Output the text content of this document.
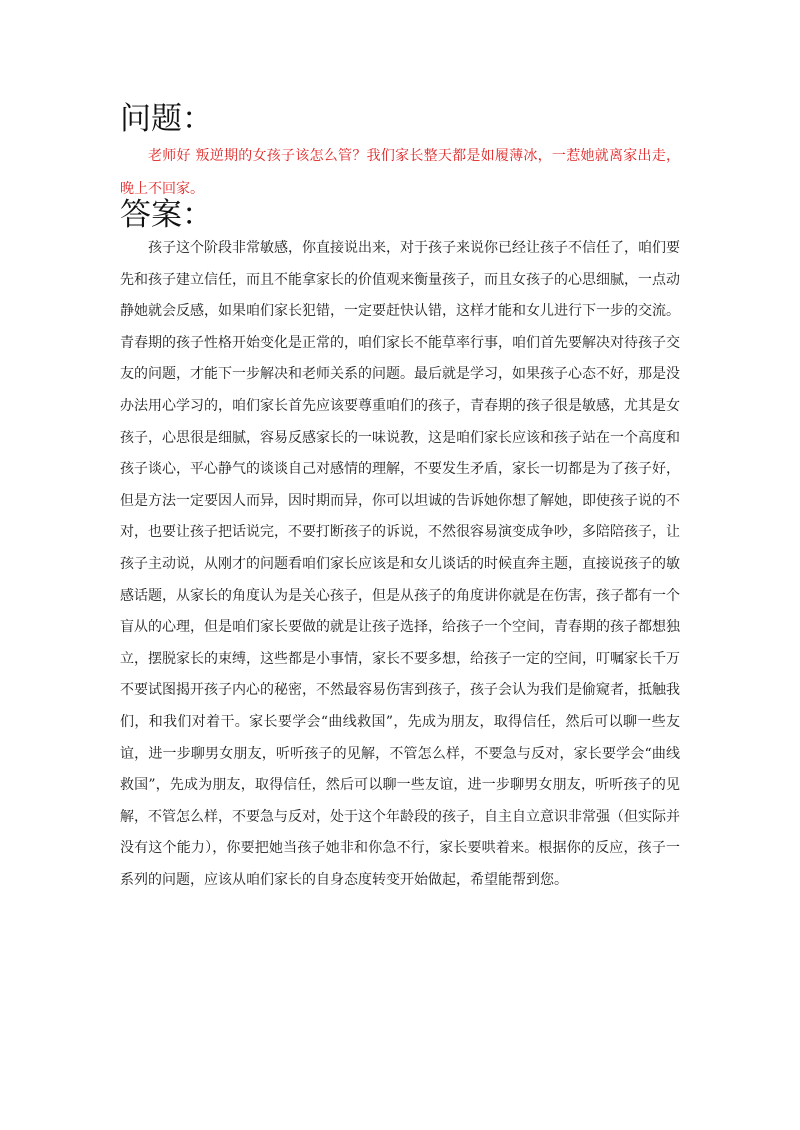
问题：

老师好 叛逆期的女孩子该怎么管？我们家长整天都是如履薄冰，一惹她就离家出走，晚上不回家。

答案：

孩子这个阶段非常敏感，你直接说出来，对于孩子来说你已经让孩子不信任了，咱们要先和孩子建立信任，而且不能拿家长的价值观来衡量孩子，而且女孩子的心思细腻，一点动静她就会反感，如果咱们家长犯错，一定要赶快认错，这样才能和女儿进行下一步的交流。青春期的孩子性格开始变化是正常的，咱们家长不能草率行事，咱们首先要解决对待孩子交友的问题，才能下一步解决和老师关系的问题。最后就是学习，如果孩子心态不好，那是没办法用心学习的，咱们家长首先应该要尊重咱们的孩子，青春期的孩子很是敏感，尤其是女孩子，心思很是细腻，容易反感家长的一味说教，这是咱们家长应该和孩子站在一个高度和孩子谈心，平心静气的谈谈自己对感情的理解，不要发生矛盾，家长一切都是为了孩子好，但是方法一定要因人而异，因时期而异，你可以坦诚的告诉她你想了解她，即使孩子说的不对，也要让孩子把话说完，不要打断孩子的诉说，不然很容易演变成争吵，多陪陪孩子，让孩子主动说，从刚才的问题看咱们家长应该是和女儿谈话的时候直奔主题，直接说孩子的敏感话题，从家长的角度认为是关心孩子，但是从孩子的角度讲你就是在伤害，孩子都有一个盲从的心理，但是咱们家长要做的就是让孩子选择，给孩子一个空间，青春期的孩子都想独立，摆脱家长的束缚，这些都是小事情，家长不要多想，给孩子一定的空间，叮嘱家长千万不要试图揭开孩子内心的秘密，不然最容易伤害到孩子，孩子会认为我们是偷窥者，抵触我们，和我们对着干。家长要学会“曲线救国”，先成为朋友，取得信任，然后可以聊一些友谊，进一步聊男女朋友，听听孩子的见解，不管怎么样，不要急与反对，家长要学会“曲线救国”，先成为朋友，取得信任，然后可以聊一些友谊，进一步聊男女朋友，听听孩子的见解，不管怎么样，不要急与反对，处于这个年龄段的孩子，自主自立意识非常强（但实际并没有这个能力），你要把她当孩子她非和你急不行，家长要哄着来。根据你的反应，孩子一系列的问题，应该从咱们家长的自身态度转变开始做起，希望能帮到您。
